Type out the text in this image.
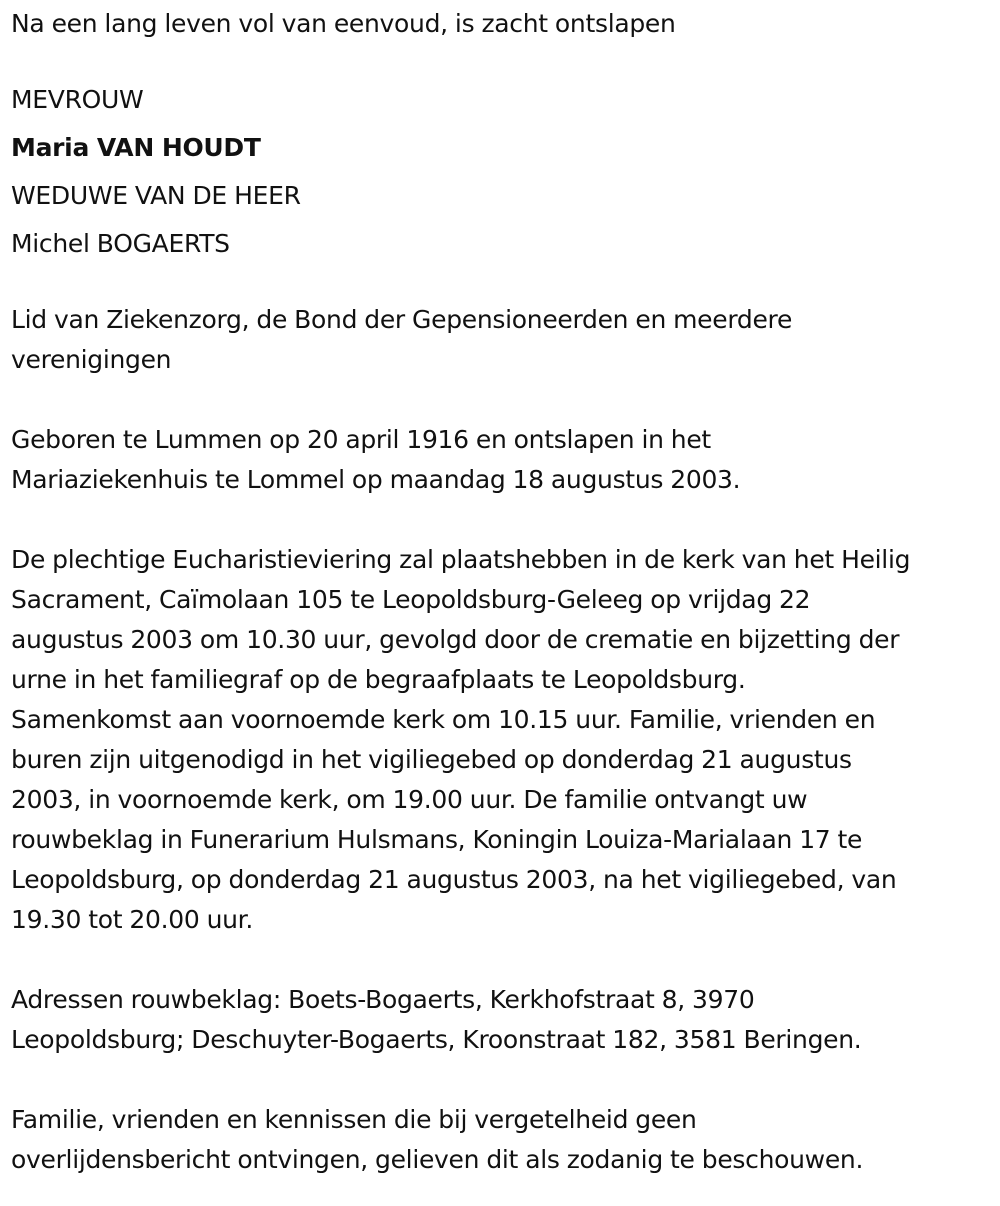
Na een lang leven vol van eenvoud, is zacht ontslapen

MEVROUW

Maria VAN HOUDT

WEDUWE VAN DE HEER

Michel BOGAERTS

Lid van Ziekenzorg, de Bond der Gepensioneerden en meerdere

verenigingen

Geboren te Lummen op 20 april 1916 en ontslapen in het

Mariaziekenhuis te Lommel op maandag 18 augustus 2003.

De plechtige Eucharistieviering zal plaatshebben in de kerk van het Heilig

Sacrament, Caïmolaan 105 te Leopoldsburg-Geleeg op vrijdag 22

augustus 2003 om 10.30 uur, gevolgd door de crematie en bijzetting der

urne in het familiegraf op de begraafplaats te Leopoldsburg.

Samenkomst aan voornoemde kerk om 10.15 uur. Familie, vrienden en

buren zijn uitgenodigd in het vigiliegebed op donderdag 21 augustus

2003, in voornoemde kerk, om 19.00 uur. De familie ontvangt uw

rouwbeklag in Funerarium Hulsmans, Koningin Louiza-Marialaan 17 te

Leopoldsburg, op donderdag 21 augustus 2003, na het vigiliegebed, van

19.30 tot 20.00 uur.

Adressen rouwbeklag: Boets-Bogaerts, Kerkhofstraat 8, 3970

Leopoldsburg; Deschuyter-Bogaerts, Kroonstraat 182, 3581 Beringen.

Familie, vrienden en kennissen die bij vergetelheid geen

overlijdensbericht ontvingen, gelieven dit als zodanig te beschouwen.
